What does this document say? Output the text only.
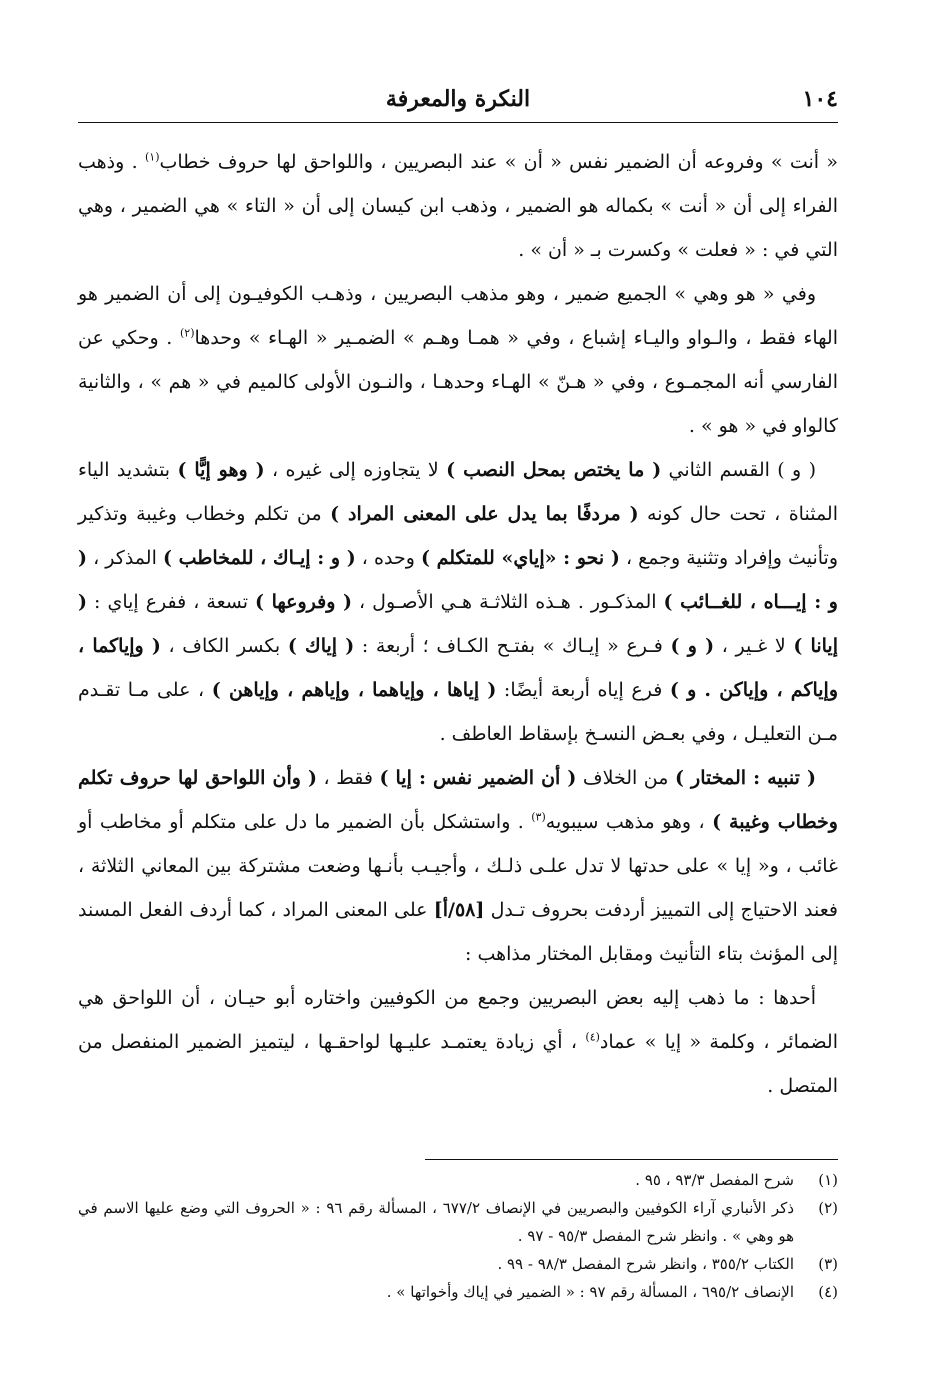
١٠٤
النكرة والمعرفة

« أنت » وفروعه أن الضمير نفس « أن » عند البصريين ، واللواحق لها حروف خطاب$^{(١)}$ . وذهب الفراء إلى أن « أنت » بكماله هو الضمير ، وذهب ابن كيسان إلى أن « التاء » هي الضمير ، وهي التي في : « فعلت » وكسرت بـ « أن » .

وفي « هو وهي » الجميع ضمير ، وهو مذهب البصريين ، وذهـب الكوفيـون إلى أن الضمير هو الهاء فقط ، والـواو واليـاء إشباع ، وفي « همـا وهـم » الضمـير « الهـاء » وحدها$^{(٢)}$ . وحكي عن الفارسي أنه المجمـوع ، وفي « هـنّ » الهـاء وحدهـا ، والنـون الأولى كالميم في « هم » ، والثانية كالواو في « هو » .

( و ) القسم الثاني ( ما يختص بمحل النصب ) لا يتجاوزه إلى غيره ، ( وهو إيًّا ) بتشديد الياء المثناة ، تحت حال كونه ( مردفًا بما يدل على المعنى المراد ) من تكلم وخطاب وغيبة وتذكير وتأنيث وإفراد وتثنية وجمع ، ( نحو : «إياي» للمتكلم ) وحده ، ( و : إيـاك ، للمخاطب ) المذكر ، ( و : إيـــاه ، للغــائب ) المذكـور . هـذه الثلاثـة هـي الأصـول ، ( وفروعها ) تسعة ، ففرع إياي : ( إيانا ) لا غـير ، ( و ) فـرع « إيـاك » بفتـح الكـاف ؛ أربعة : ( إياك ) بكسر الكاف ، ( وإياكما ، وإياكم ، وإياكن . و ) فرع إياه أربعة أيضًا: ( إياها ، وإياهما ، وإياهم ، وإياهن ) ، على مـا تقـدم مـن التعليـل ، وفي بعـض النسـخ بإسقاط العاطف .

( تنبيه : المختار ) من الخلاف ( أن الضمير نفس : إيا ) فقط ، ( وأن اللواحق لها حروف تكلم وخطاب وغيبة ) ، وهو مذهب سيبويه$^{(٣)}$ . واستشكل بأن الضمير ما دل على متكلم أو مخاطب أو غائب ، و« إيا » على حدتها لا تدل علـى ذلـك ، وأجيـب بأنـها وضعت مشتركة بين المعاني الثلاثة ، فعند الاحتياج إلى التمييز أردفت بحروف تـدل [٥٨/أ] على المعنى المراد ، كما أردف الفعل المسند إلى المؤنث بتاء التأنيث ومقابل المختار مذاهب :

أحدها : ما ذهب إليه بعض البصريين وجمع من الكوفيين واختاره أبو حيـان ، أن اللواحق هي الضمائر ، وكلمة « إيا » عماد$^{(٤)}$ ، أي زيادة يعتمـد عليـها لواحقـها ، ليتميز الضمير المنفصل من المتصل .

(١)
شرح المفصل ٩٣/٣ ، ٩٥ .
(٢)
ذكر الأنباري آراء الكوفيين والبصريين في الإنصاف ٦٧٧/٢ ، المسألة رقم ٩٦ : « الحروف التي وضع عليها الاسم في هو وهي » . وانظر شرح المفصل ٩٥/٣ - ٩٧ .
(٣)
الكتاب ٣٥٥/٢ ، وانظر شرح المفصل ٩٨/٣ - ٩٩ .
(٤)
الإنصاف ٦٩٥/٢ ، المسألة رقم ٩٧ : « الضمير في إياك وأخواتها » .
